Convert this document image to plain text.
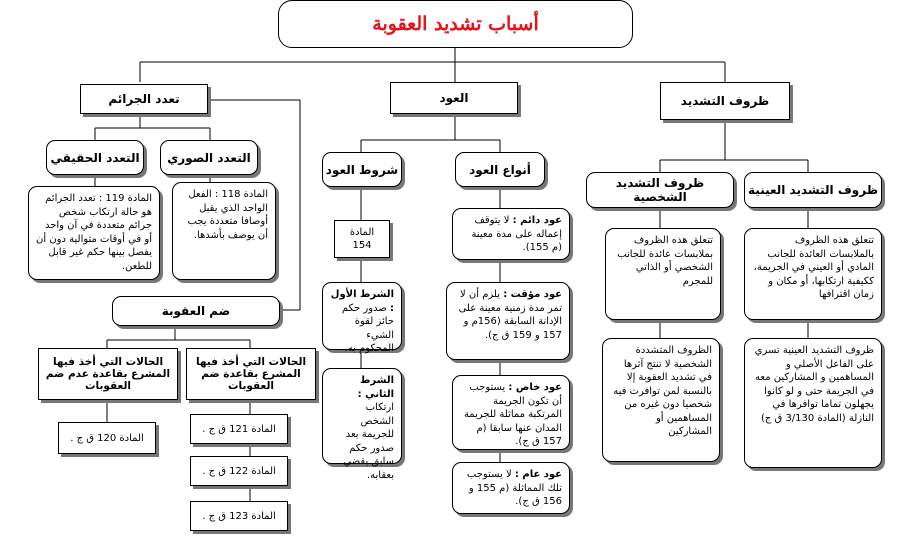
أسباب تشديد العقوبة
تعدد الجرائم	العود	ظروف التشديد
ظروف التشديد الشخصية	ظروف التشديد العينية
تتعلق هذه الظروف بملابسات عائدة للجانب الشخصي أو الذاتي للمجرم
تتعلق هذه الظروف بالملابسات العائدة للجانب المادي أو العيني في الجريمة، ككيفية ارتكابها، أو مكان و زمان اقترافها
الظروف المتشددة الشخصية لا تنتج آثرها في تشديد العقوبة إلا بالنسبة لمن توافرت فيه شخصيا دون غيره من المساهمين أو المشاركين
ظروف التشديد العينية تسري على الفاعل الأصلي و المساهمين و المشاركين معه في الجريمة حتى و لو كانوا يجهلون تماما توافرها في النازلة (المادة 3/130 ق ج)
أنواع العود
شروط العود
المادة 154
عود دائم : لا يتوقف إعماله على مدة معينة (م 155).
عود مؤقت : يلزم أن لا تمر مدة زمنية معينة على الإدانة السابقة (156م و 157 و 159 ق ج).
عود خاص : يستوجب أن تكون الجريمة المرتكبة مماثلة للجريمة المدان عنها سابقا (م 157 ق ج).
عود عام : لا يستوجب تلك المماثلة (م 155 و 156 ق ج).
الشرط الأول : صدور حكم حائز لقوة الشيء المحكوم به.
الشرط الثاني :
ارتكاب الشخص للجريمة بعد صدور حكم سابق يقضي بعقابه.
التعدد الصوري
التعدد الحقيقي
المادة 118 : الفعل الواحد الذي يقبل أوصافا متعددة يجب أن يوصف بأشدها.
المادة 119 : تعدد الجرائم هو حالة ارتكاب شخص جرائم متعددة في آن واحد أو في أوقات متوالية دون أن يفصل بينها حكم غير قابل للطعن.
ضم العقوبة
الحالات التي أخذ فيها المشرع بقاعدة ضم العقوبات
الحالات التي أخذ فيها المشرع بقاعدة عدم ضم العقوبات
المادة 120 ق ج .
المادة 121 ق ج .
المادة 122 ق ج .
المادة 123 ق ج .
